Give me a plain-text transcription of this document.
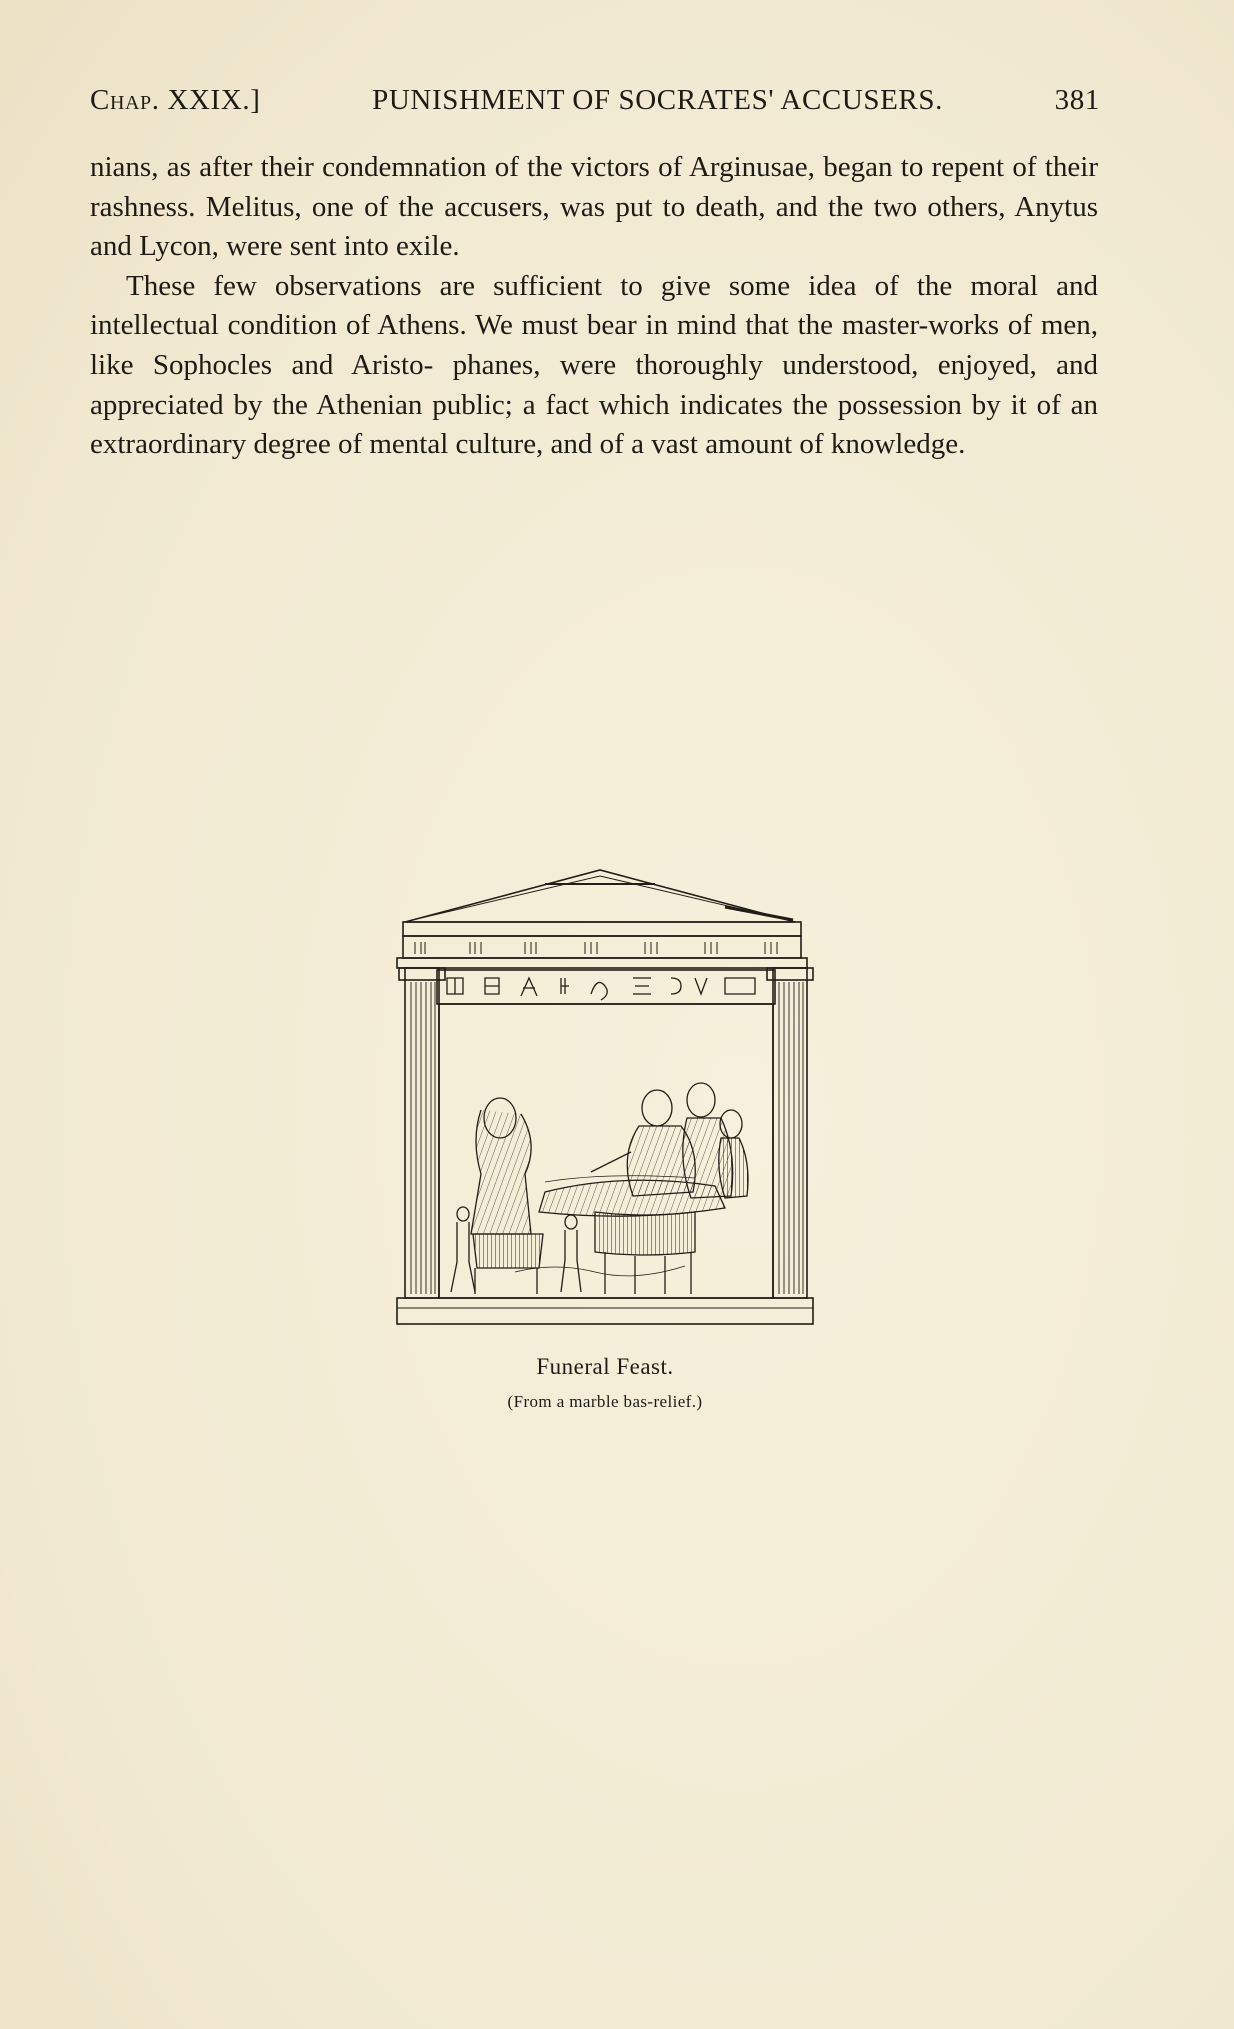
Chap. XXIX.]	PUNISHMENT OF SOCRATES' ACCUSERS.	381

nians, as after their condemnation of the victors of Arginusae, began to repent of their rashness. Melitus, one of the accusers, was put to death, and the two others, Anytus and Lycon, were sent into exile.

These few observations are sufficient to give some idea of the moral and intellectual condition of Athens. We must bear in mind that the master-works of men, like Sophocles and Aristo- phanes, were thoroughly understood, enjoyed, and appreciated by the Athenian public; a fact which indicates the possession by it of an extraordinary degree of mental culture, and of a vast amount of knowledge.

Funeral Feast.
(From a marble bas-relief.)
